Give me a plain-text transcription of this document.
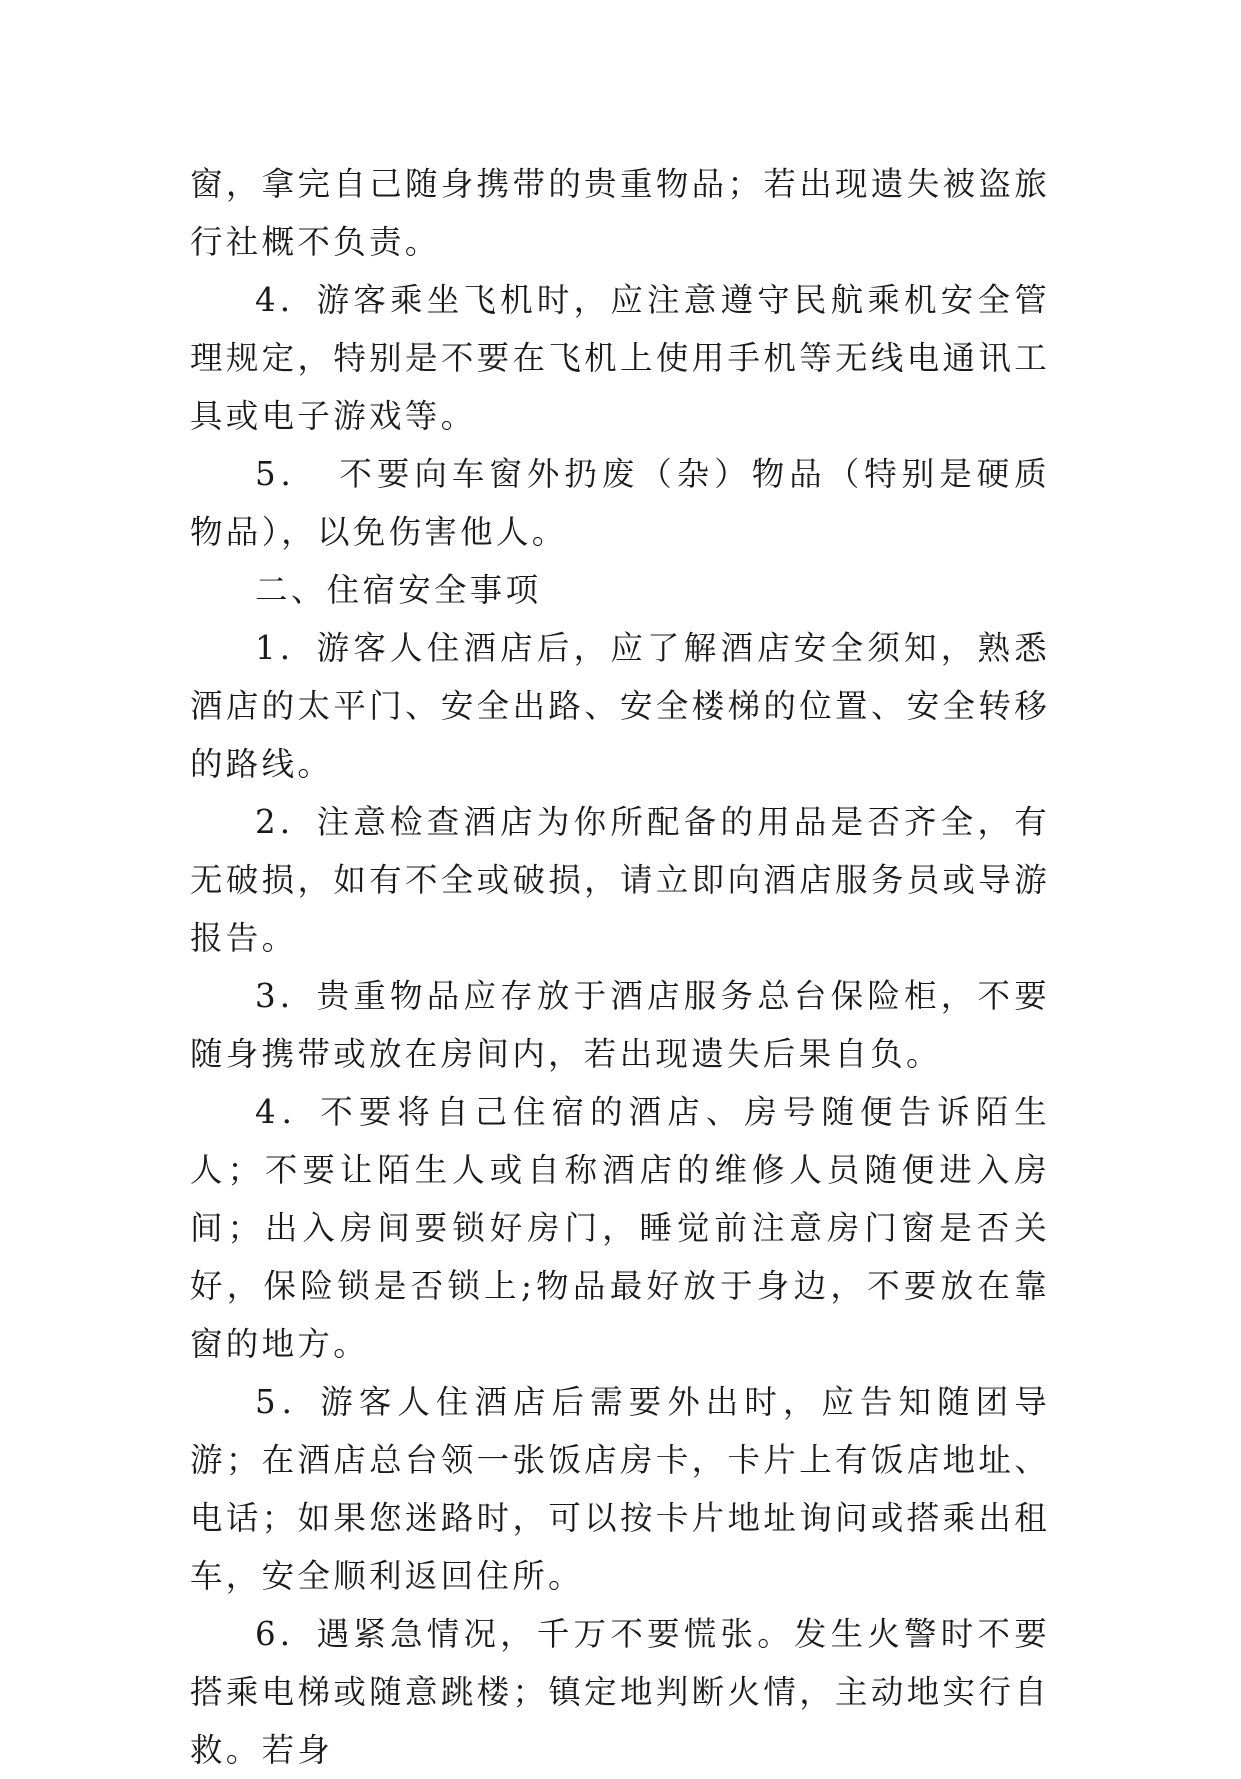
窗，拿完自己随身携带的贵重物品；若出现遗失被盗旅行社概不负责。

4．游客乘坐飞机时，应注意遵守民航乘机安全管理规定，特别是不要在飞机上使用手机等无线电通讯工具或电子游戏等。

5．　不要向车窗外扔废（杂）物品（特别是硬质物品），以免伤害他人。

二、住宿安全事项

1．游客人住酒店后，应了解酒店安全须知，熟悉酒店的太平门、安全出路、安全楼梯的位置、安全转移的路线。

2．注意检查酒店为你所配备的用品是否齐全，有无破损，如有不全或破损，请立即向酒店服务员或导游报告。

3．贵重物品应存放于酒店服务总台保险柜，不要随身携带或放在房间内，若出现遗失后果自负。

4．不要将自己住宿的酒店、房号随便告诉陌生人；不要让陌生人或自称酒店的维修人员随便进入房间；出入房间要锁好房门，睡觉前注意房门窗是否关好，保险锁是否锁上;物品最好放于身边，不要放在靠窗的地方。

5．游客人住酒店后需要外出时，应告知随团导游；在酒店总台领一张饭店房卡，卡片上有饭店地址、电话；如果您迷路时，可以按卡片地址询问或搭乘出租车，安全顺利返回住所。

6．遇紧急情况，千万不要慌张。发生火警时不要搭乘电梯或随意跳楼；镇定地判断火情，主动地实行自救。若身
